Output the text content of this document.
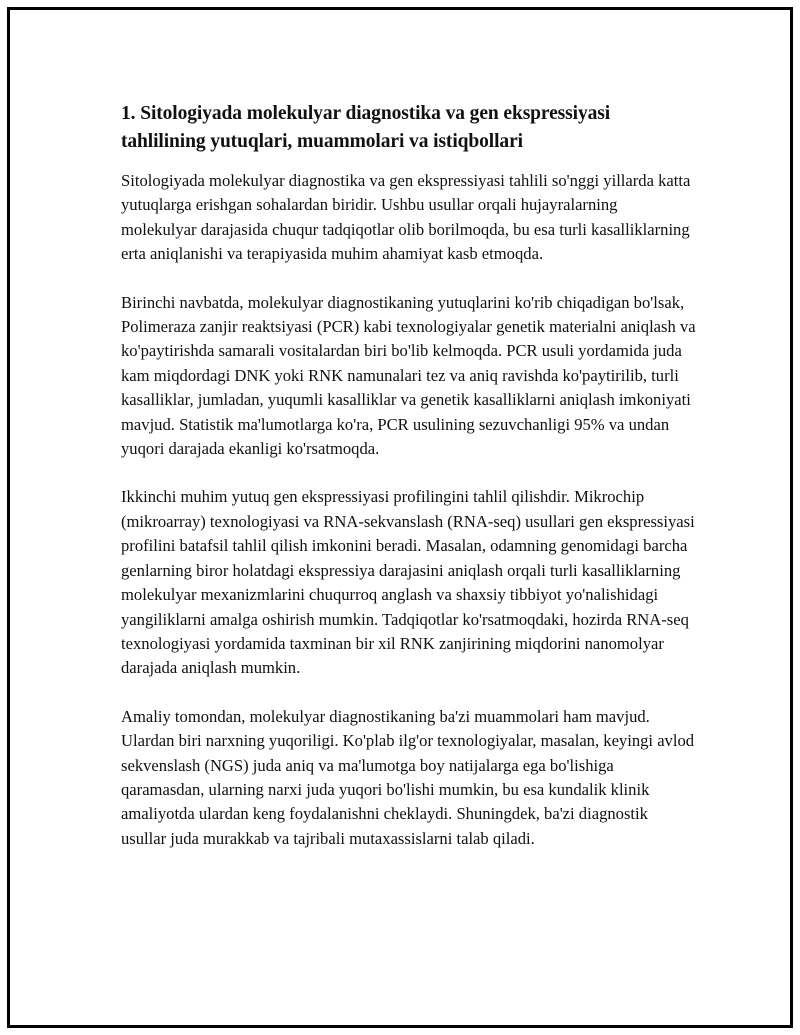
1. Sitologiyada molekulyar diagnostika va gen ekspressiyasi tahlilining yutuqlari, muammolari va istiqbollari

Sitologiyada molekulyar diagnostika va gen ekspressiyasi tahlili so'nggi yillarda katta yutuqlarga erishgan sohalardan biridir. Ushbu usullar orqali hujayralarning molekulyar darajasida chuqur tadqiqotlar olib borilmoqda, bu esa turli kasalliklarning erta aniqlanishi va terapiyasida muhim ahamiyat kasb etmoqda.

Birinchi navbatda, molekulyar diagnostikaning yutuqlarini ko'rib chiqadigan bo'lsak, Polimeraza zanjir reaktsiyasi (PCR) kabi texnologiyalar genetik materialni aniqlash va ko'paytirishda samarali vositalardan biri bo'lib kelmoqda. PCR usuli yordamida juda kam miqdordagi DNK yoki RNK namunalari tez va aniq ravishda ko'paytirilib, turli kasalliklar, jumladan, yuqumli kasalliklar va genetik kasalliklarni aniqlash imkoniyati mavjud. Statistik ma'lumotlarga ko'ra, PCR usulining sezuvchanligi 95% va undan yuqori darajada ekanligi ko'rsatmoqda.

Ikkinchi muhim yutuq gen ekspressiyasi profilingini tahlil qilishdir. Mikrochip (mikroarray) texnologiyasi va RNA-sekvanslash (RNA-seq) usullari gen ekspressiyasi profilini batafsil tahlil qilish imkonini beradi. Masalan, odamning genomidagi barcha genlarning biror holatdagi ekspressiya darajasini aniqlash orqali turli kasalliklarning molekulyar mexanizmlarini chuqurroq anglash va shaxsiy tibbiyot yo'nalishidagi yangiliklarni amalga oshirish mumkin. Tadqiqotlar ko'rsatmoqdaki, hozirda RNA-seq texnologiyasi yordamida taxminan bir xil RNK zanjirining miqdorini nanomolyar darajada aniqlash mumkin.

Amaliy tomondan, molekulyar diagnostikaning ba'zi muammolari ham mavjud. Ulardan biri narxning yuqoriligi. Ko'plab ilg'or texnologiyalar, masalan, keyingi avlod sekvenslash (NGS) juda aniq va ma'lumotga boy natijalarga ega bo'lishiga qaramasdan, ularning narxi juda yuqori bo'lishi mumkin, bu esa kundalik klinik amaliyotda ulardan keng foydalanishni cheklaydi. Shuningdek, ba'zi diagnostik usullar juda murakkab va tajribali mutaxassislarni talab qiladi.
